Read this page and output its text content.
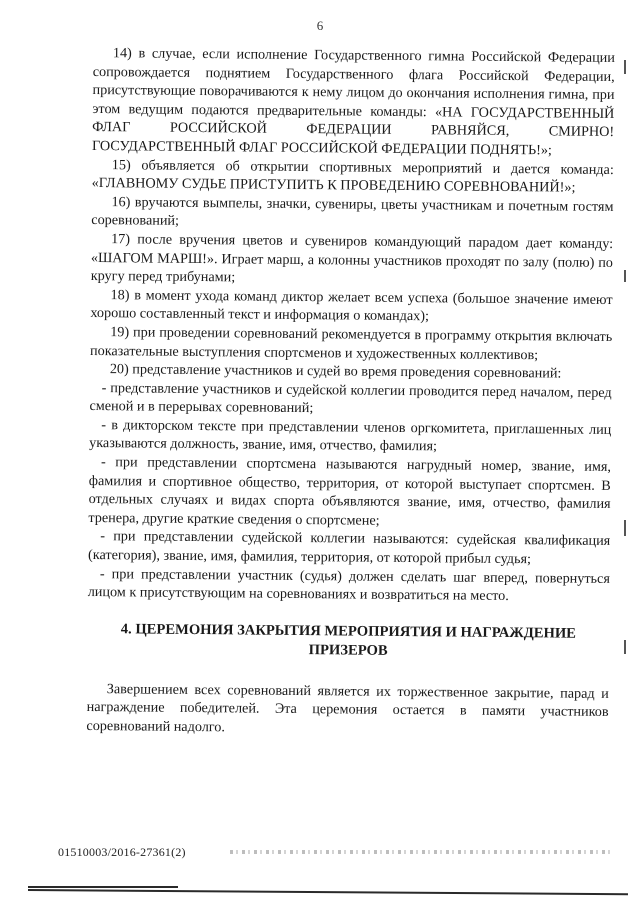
6

14) в случае, если исполнение Государственного гимна Российской Федерации сопровождается поднятием Государственного флага Российской Федерации, присутствующие поворачиваются к нему лицом до окончания исполнения гимна, при этом ведущим подаются предварительные команды: «НА ГОСУДАРСТВЕННЫЙ ФЛАГ РОССИЙСКОЙ ФЕДЕРАЦИИ РАВНЯЙСЯ, СМИРНО! ГОСУДАРСТВЕННЫЙ ФЛАГ РОССИЙСКОЙ ФЕДЕРАЦИИ ПОДНЯТЬ!»;

15) объявляется об открытии спортивных мероприятий и дается команда: «ГЛАВНОМУ СУДЬЕ ПРИСТУПИТЬ К ПРОВЕДЕНИЮ СОРЕВНОВАНИЙ!»;

16) вручаются вымпелы, значки, сувениры, цветы участникам и почетным гостям соревнований;

17) после вручения цветов и сувениров командующий парадом дает команду: «ШАГОМ МАРШ!». Играет марш, а колонны участников проходят по залу (полю) по кругу перед трибунами;

18) в момент ухода команд диктор желает всем успеха (большое значение имеют хорошо составленный текст и информация о командах);

19) при проведении соревнований рекомендуется в программу открытия включать показательные выступления спортсменов и художественных коллективов;

20) представление участников и судей во время проведения соревнований:

- представление участников и судейской коллегии проводится перед началом, перед сменой и в перерывах соревнований;

- в дикторском тексте при представлении членов оргкомитета, приглашенных лиц указываются должность, звание, имя, отчество, фамилия;

- при представлении спортсмена называются нагрудный номер, звание, имя, фамилия и спортивное общество, территория, от которой выступает спортсмен. В отдельных случаях и видах спорта объявляются звание, имя, отчество, фамилия тренера, другие краткие сведения о спортсмене;

- при представлении судейской коллегии называются: судейская квалификация (категория), звание, имя, фамилия, территория, от которой прибыл судья;

- при представлении участник (судья) должен сделать шаг вперед, повернуться лицом к присутствующим на соревнованиях и возвратиться на место.

4. ЦЕРЕМОНИЯ ЗАКРЫТИЯ МЕРОПРИЯТИЯ И НАГРАЖДЕНИЕ ПРИЗЕРОВ

Завершением всех соревнований является их торжественное закрытие, парад и награждение победителей. Эта церемония остается в памяти участников соревнований надолго.

01510003/2016-27361(2)
